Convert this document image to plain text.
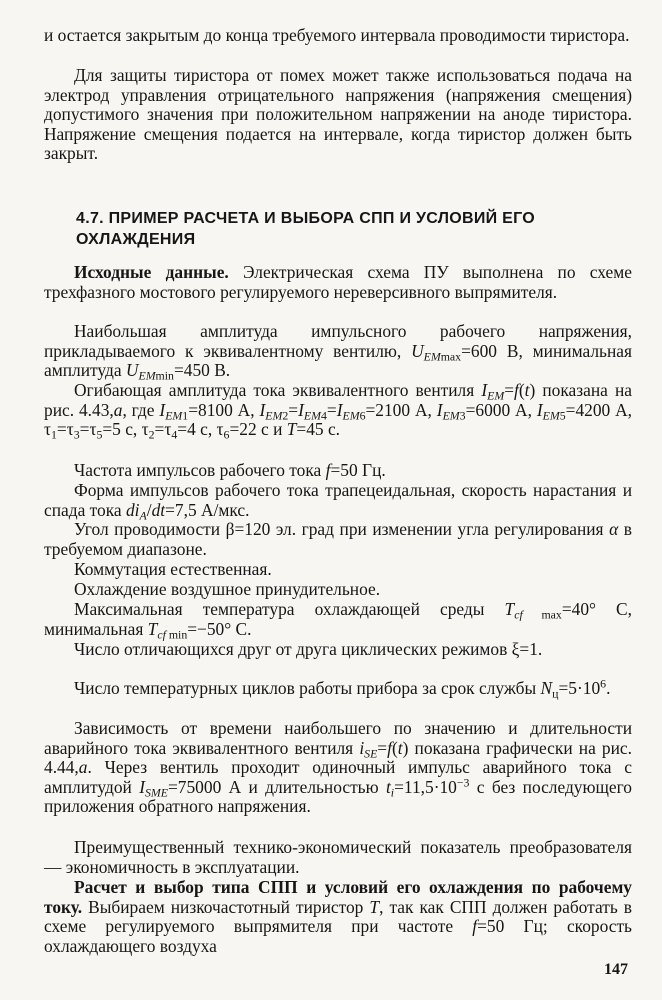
и остается закрытым до конца требуемого интервала проводимости тиристора.

Для защиты тиристора от помех может также использоваться подача на электрод управления отрицательного напряжения (напряжения смещения) допустимого значения при положительном напряжении на аноде тиристора. Напряжение смещения подается на интервале, когда тиристор должен быть закрыт.

4.7. ПРИМЕР РАСЧЕТА И ВЫБОРА СПП И УСЛОВИЙ ЕГО ОХЛАЖДЕНИЯ

Исходные данные. Электрическая схема ПУ выполнена по схеме трехфазного мостового регулируемого нереверсивного выпрямителя.

Наибольшая амплитуда импульсного рабочего напряжения, прикладываемого к эквивалентному вентилю, $U_{EMmax}=600$ В, минимальная амплитуда $U_{EMmin}=450$ В.

Огибающая амплитуда тока эквивалентного вентиля $I_{EM}=f(t)$ показана на рис. 4.43,а, где $I_{EM1}=8100$ А, $I_{EM2}=I_{EM4}=I_{EM6}=2100$ А, $I_{EM3}=6000$ А, $I_{EM5}=4200$ А, $\tau_1=\tau_3=\tau_5=5$ с, $\tau_2=\tau_4=4$ с, $\tau_6=22$ с и T=45 с.

Частота импульсов рабочего тока f=50 Гц.

Форма импульсов рабочего тока трапецеидальная, скорость нарастания и спада тока $di_A/dt=7,5$ А/мкс.

Угол проводимости β=120 эл. град при изменении угла регулирования α в требуемом диапазоне.

Коммутация естественная.

Охлаждение воздушное принудительное.

Максимальная температура охлаждающей среды $T_{cf max}=40^\circ$ С, минимальная $T_{cf min}=-50^\circ$ С.

Число отличающихся друг от друга циклических режимов ξ=1.

Число температурных циклов работы прибора за срок службы $N_ц=5\cdot 10^6$.

Зависимость от времени наибольшего по значению и длительности аварийного тока эквивалентного вентиля $i_{SE}=f(t)$ показана графически на рис. 4.44,а. Через вентиль проходит одиночный импульс аварийного тока с амплитудой $I_{SME}=75000$ А и длительностью $t_i=11,5\cdot 10^{-3}$ с без последующего приложения обратного напряжения.

Преимущественный технико-экономический показатель преобразователя — экономичность в эксплуатации.

Расчет и выбор типа СПП и условий его охлаждения по рабочему току. Выбираем низкочастотный тиристор Т, так как СПП должен работать в схеме регулируемого выпрямителя при частоте f=50 Гц; скорость охлаждающего воздуха

147
